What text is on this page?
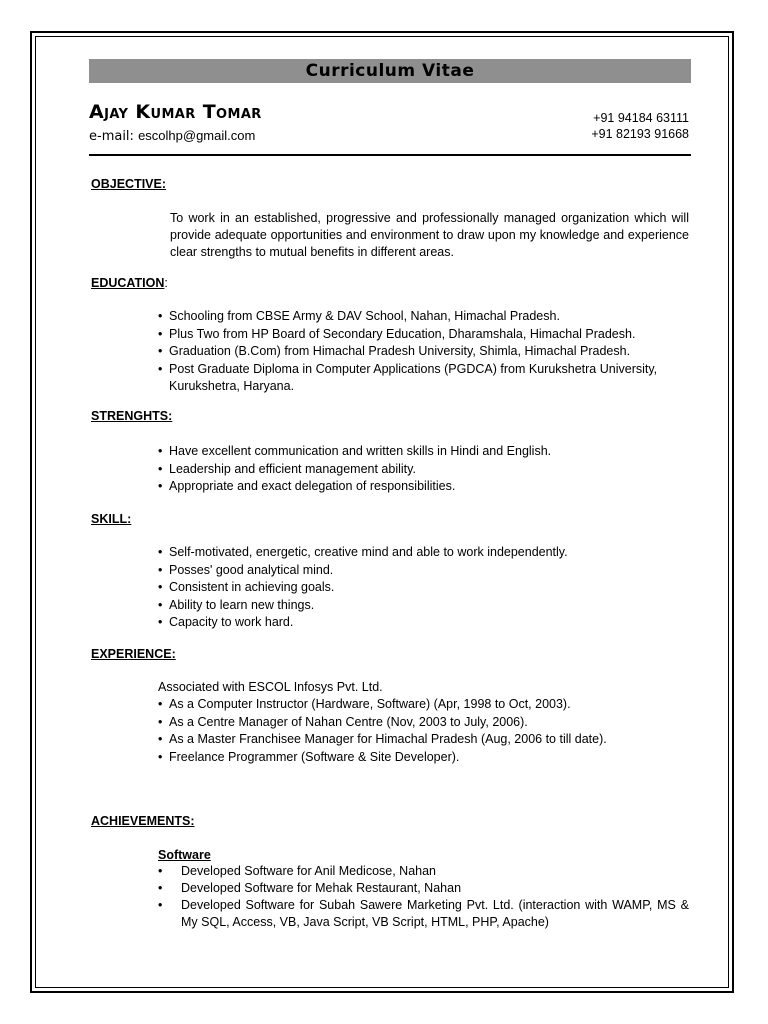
Curriculum Vitae
Ajay Kumar Tomar
e-mail: escolhp@gmail.com
+91 94184 63111
+91 82193 91668
OBJECTIVE:
To work in an established, progressive and professionally managed organization which will provide adequate opportunities and environment to draw upon my knowledge and experience clear strengths to mutual benefits in different areas.
EDUCATION:
• Schooling from CBSE Army & DAV School, Nahan, Himachal Pradesh.
• Plus Two from HP Board of Secondary Education, Dharamshala, Himachal Pradesh.
• Graduation (B.Com) from Himachal Pradesh University, Shimla, Himachal Pradesh.
• Post Graduate Diploma in Computer Applications (PGDCA) from Kurukshetra University, Kurukshetra, Haryana.
STRENGHTS:
• Have excellent communication and written skills in Hindi and English.
• Leadership and efficient management ability.
• Appropriate and exact delegation of responsibilities.
SKILL:
• Self-motivated, energetic, creative mind and able to work independently.
• Posses' good analytical mind.
• Consistent in achieving goals.
• Ability to learn new things.
• Capacity to work hard.
EXPERIENCE:
Associated with ESCOL Infosys Pvt. Ltd.
• As a Computer Instructor (Hardware, Software) (Apr, 1998 to Oct, 2003).
• As a Centre Manager of Nahan Centre (Nov, 2003 to July, 2006).
• As a Master Franchisee Manager for Himachal Pradesh (Aug, 2006 to till date).
• Freelance Programmer (Software & Site Developer).
ACHIEVEMENTS:
Software
• Developed Software for Anil Medicose, Nahan
• Developed Software for Mehak Restaurant, Nahan
• Developed Software for Subah Sawere Marketing Pvt. Ltd. (interaction with WAMP, MS & My SQL, Access, VB, Java Script, VB Script, HTML, PHP, Apache)
